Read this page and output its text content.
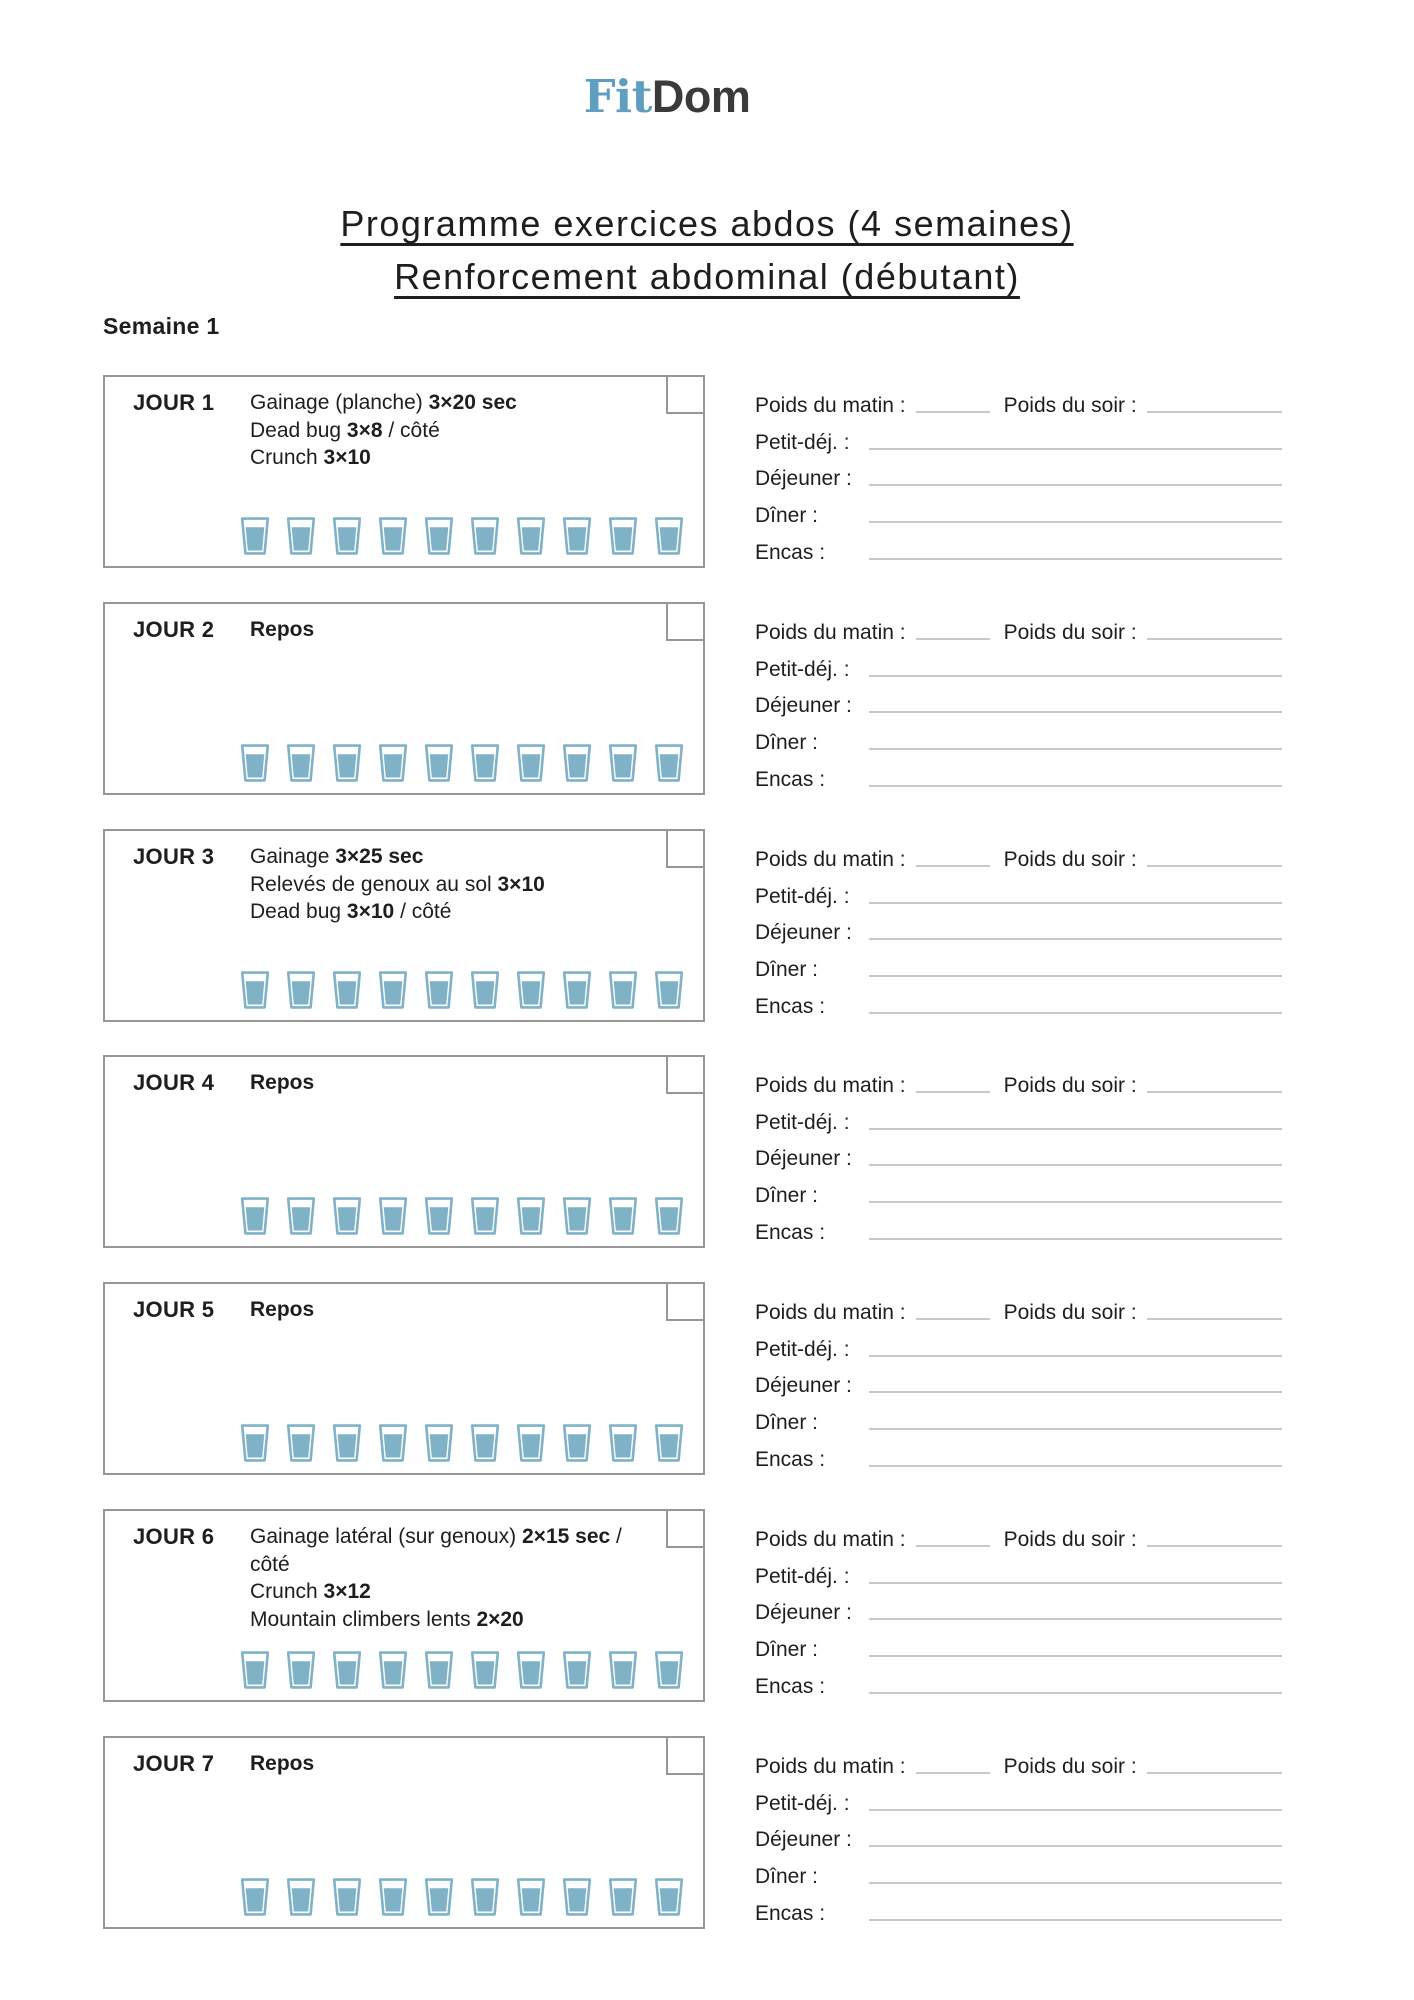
FitDom
Programme exercices abdos (4 semaines)
Renforcement abdominal (débutant)
Semaine 1
JOUR 1 Gainage (planche) 3×20 sec
Dead bug 3×8 / côté
Crunch 3×10
Poids du matin :	Poids du soir :
Petit-déj. :
Déjeuner :
Dîner :
Encas :
JOUR 2 Repos	Poids du matin :	Poids du soir :
Petit-déj. :
Déjeuner :
Dîner :
Encas :
JOUR 3 Gainage 3×25 sec
Relevés de genoux au sol 3×10
Dead bug 3×10 / côté
Poids du matin :	Poids du soir :
Petit-déj. :
Déjeuner :
Dîner :
Encas :
JOUR 4 Repos	Poids du matin :	Poids du soir :
Petit-déj. :
Déjeuner :
Dîner :
Encas :
JOUR 5 Repos	Poids du matin :	Poids du soir :
Petit-déj. :
Déjeuner :
Dîner :
Encas :
JOUR 6 Gainage latéral (sur genoux) 2×15 sec / côté
Crunch 3×12
Mountain climbers lents 2×20
Poids du matin :	Poids du soir :
Petit-déj. :
Déjeuner :
Dîner :
Encas :
JOUR 7 Repos	Poids du matin :	Poids du soir :
Petit-déj. :
Déjeuner :
Dîner :
Encas :
